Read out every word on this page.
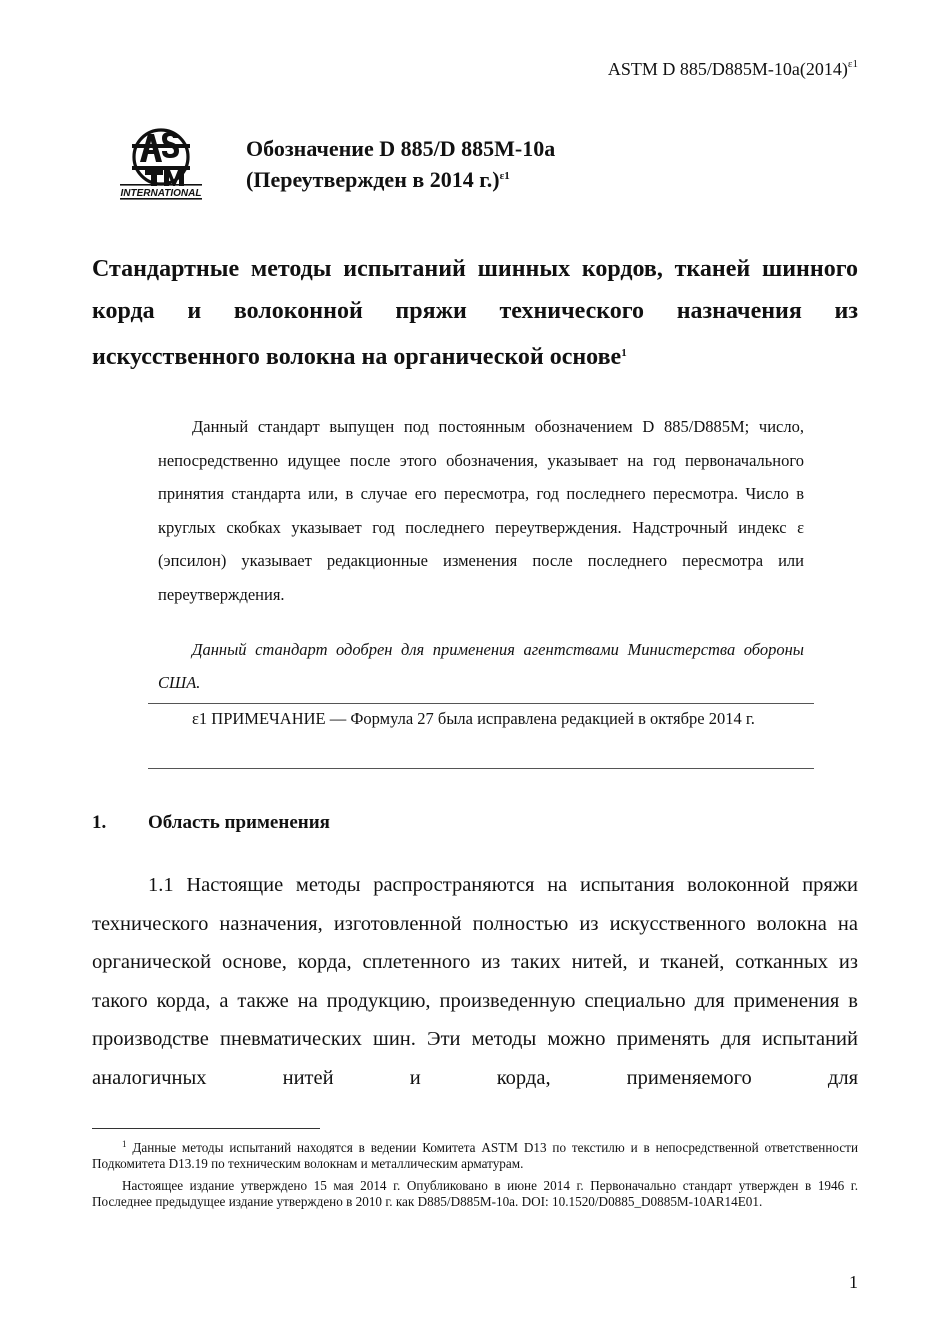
ASTM D $885/D885M-10a(2014)^{\varepsilon 1}$
INTERNATIONAL
Обозначение D 885/D 885M-10a
(Переутвержден в 2014 г.)$^{\varepsilon 1}$
Стандартные методы испытаний шинных кордов, тканей шинного корда и волоконной пряжи технического назначения из искусственного волокна на органической основе$^1$
Данный стандарт выпущен под постоянным обозначением D 885/D885M; число, непосредственно идущее после этого обозначения, указывает на год первоначального принятия стандарта или, в случае его пересмотра, год последнего пересмотра. Число в круглых скобках указывает год последнего переутверждения. Надстрочный индекс ε (эпсилон) указывает редакционные изменения после последнего пересмотра или переутверждения.
Данный стандарт одобрен для применения агентствами Министерства обороны США.
ε1 ПРИМЕЧАНИЕ — Формула 27 была исправлена редакцией в октябре 2014 г.
1. Область применения
1.1 Настоящие методы распространяются на испытания волоконной пряжи технического назначения, изготовленной полностью из искусственного волокна на органической основе, корда, сплетенного из таких нитей, и тканей, сотканных из такого корда, а также на продукцию, произведенную специально для применения в производстве пневматических шин. Эти методы можно применять для испытаний аналогичных нитей и корда, применяемого для
$^1$ Данные методы испытаний находятся в ведении Комитета ASTM D13 по текстилю и в непосредственной ответственности Подкомитета D13.19 по техническим волокнам и металлическим арматурам.
Настоящее издание утверждено 15 мая 2014 г. Опубликовано в июне 2014 г. Первоначально стандарт утвержден в 1946 г. Последнее предыдущее издание утверждено в 2010 г. как D885/D885M-10a. DOI: 10.1520/D0885_D0885M-10AR14E01.
1
